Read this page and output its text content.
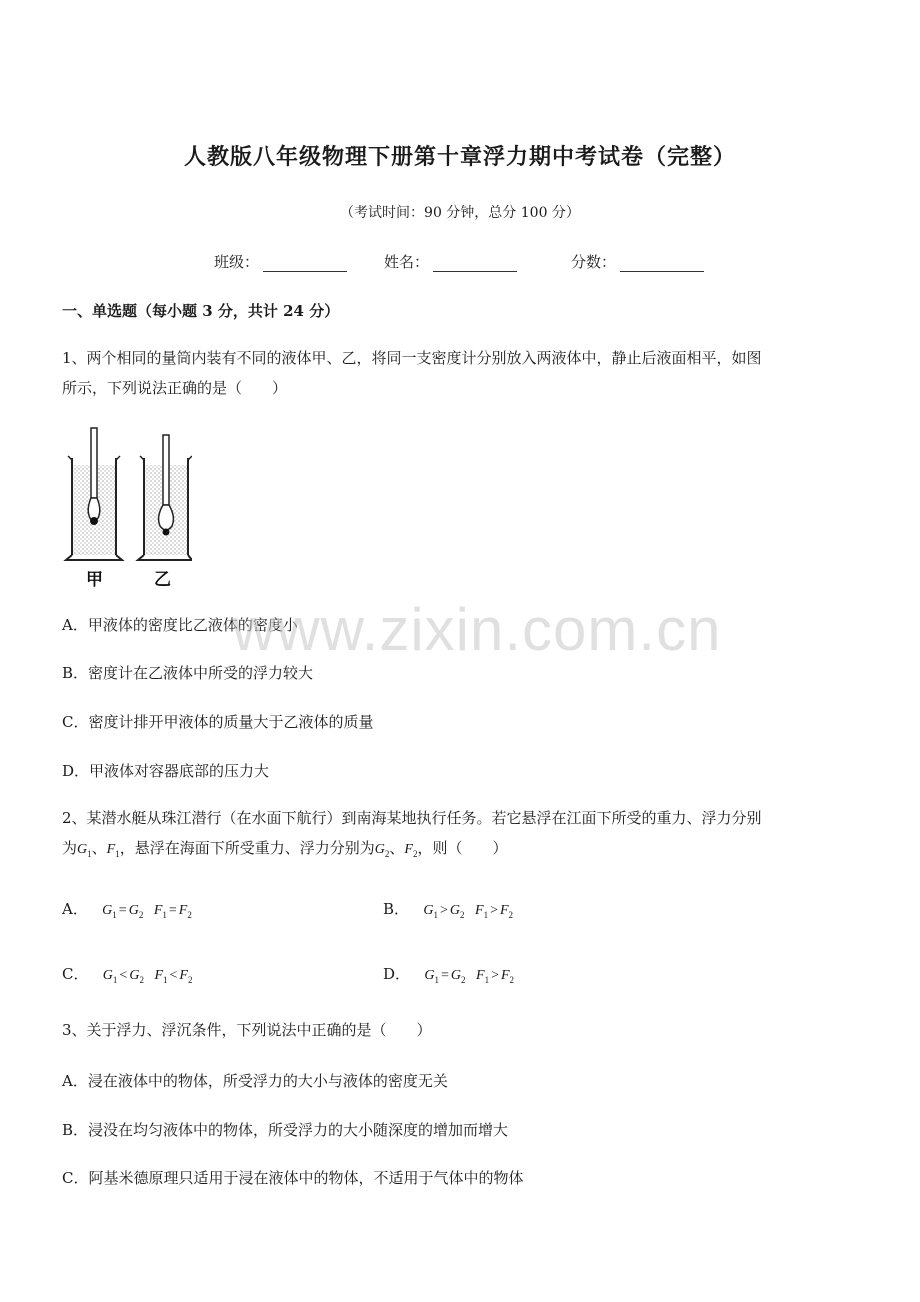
人教版八年级物理下册第十章浮力期中考试卷（完整）
（考试时间：90 分钟，总分 100 分）
班级：	姓名：	分数：
一、单选题（每小题 3 分，共计 24 分）
1、两个相同的量筒内装有不同的液体甲、乙，将同一支密度计分别放入两液体中，静止后液面相平，如图
所示，下列说法正确的是（　　）
甲	乙
A．甲液体的密度比乙液体的密度小
B．密度计在乙液体中所受的浮力较大
C．密度计排开甲液体的质量大于乙液体的质量
D．甲液体对容器底部的压力大
2、某潜水艇从珠江潜行（在水面下航行）到南海某地执行任务。若它悬浮在江面下所受的重力、浮力分别
为$G_1$、$F_1$，悬浮在海面下所受重力、浮力分别为$G_2$、$F_2$，则（　　）
A． $G_1 = G_2$ $F_1 = F_2$	B． $G_1 > G_2$ $F_1 > F_2$
C． $G_1 < G_2$ $F_1 < F_2$	D． $G_1 = G_2$ $F_1 > F_2$
3、关于浮力、浮沉条件，下列说法中正确的是（　　）
A．浸在液体中的物体，所受浮力的大小与液体的密度无关
B．浸没在均匀液体中的物体，所受浮力的大小随深度的增加而增大
C．阿基米德原理只适用于浸在液体中的物体，不适用于气体中的物体
www.zixin.com.cn
